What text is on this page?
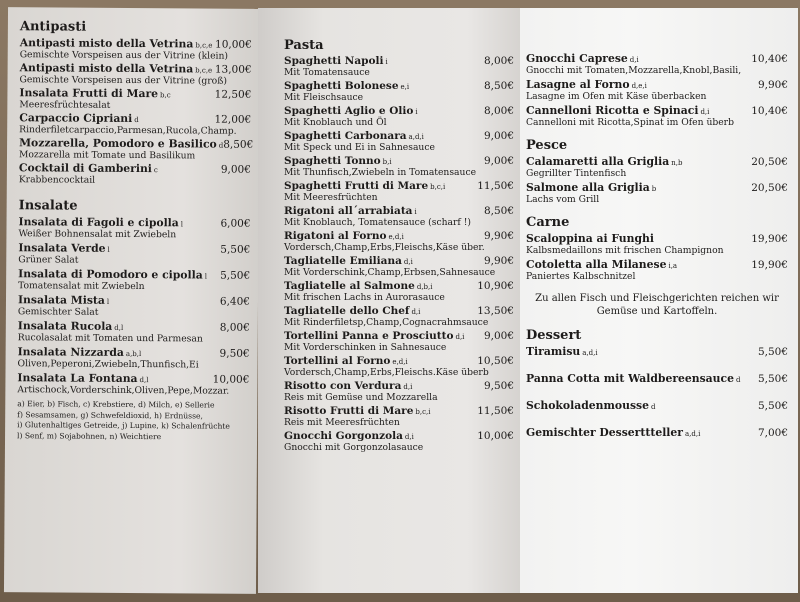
Antipasti
Antipasti misto della Vetrina b,c,e 10,00€
Gemischte Vorspeisen aus der Vitrine (klein)
Antipasti misto della Vetrina b,c,e 13,00€
Gemischte Vorspeisen aus der Vitrine (groß)
Insalata Frutti di Mare b,c	12,50€
Meeresfrüchtesalat
Carpaccio Cipriani d	12,00€
Rinderfiletcarpaccio,Parmesan,Rucola,Champ.
Mozzarella, Pomodoro e Basilico d 8,50€
Mozzarella mit Tomate und Basilikum
Cocktail di Gamberini c	9,00€
Krabbencocktail
Insalate
Insalata di Fagoli e cipolla l	6,00€
Weißer Bohnensalat mit Zwiebeln
Insalata Verde l	5,50€
Grüner Salat
Insalata di Pomodoro e cipolla l 5,50€
Tomatensalat mit Zwiebeln
Insalata Mista l	6,40€
Gemischter Salat
Insalata Rucola d,l	8,00€
Rucolasalat mit Tomaten und Parmesan
Insalata Nizzarda a,b,l	9,50€
Oliven,Peperoni,Zwiebeln,Thunfisch,Ei
Insalata La Fontana d,l	10,00€
Artischock,Vorderschink,Oliven,Pepe,Mozzar.
a) Eier, b) Fisch, c) Krebstiere, d) Milch, e) Sellerie
f) Sesamsamen, g) Schwefeldioxid, h) Erdnüsse,
i) Glutenhaltiges Getreide, j) Lupine, k) Schalenfrüchte
l) Senf, m) Sojabohnen, n) Weichtiere
Pasta
Spaghetti Napoli i	8,00€
Mit Tomatensauce
Spaghetti Bolonese e,i	8,50€
Mit Fleischsauce
Spaghetti Aglio e Olio i	8,00€
Mit Knoblauch und Öl
Spaghetti Carbonara a,d,i	9,00€
Mit Speck und Ei in Sahnesauce
Spaghetti Tonno b,i	9,00€
Mit Thunfisch,Zwiebeln in Tomatensauce
Spaghetti Frutti di Mare b,c,i	11,50€
Mit Meeresfrüchten
Rigatoni all´arrabiata i	8,50€
Mit Knoblauch, Tomatensauce (scharf !)
Rigatoni al Forno e,d,i	9,90€
Vordersch,Champ,Erbs,Fleischs,Käse über.
Tagliatelle Emiliana d,i	9,90€
Mit Vorderschink,Champ,Erbsen,Sahnesauce
Tagliatelle al Salmone d,b,i	10,90€
Mit frischen Lachs in Aurorasauce
Tagliatelle dello Chef d,i	13,50€
Mit Rinderfiletsp,Champ,Cognacrahmsauce
Tortellini Panna e Prosciutto d,i 9,00€
Mit Vorderschinken in Sahnesauce
Tortellini al Forno e,d,i	10,50€
Vordersch,Champ,Erbs,Fleischs.Käse überb
Risotto con Verdura d,i	9,50€
Reis mit Gemüse und Mozzarella
Risotto Frutti di Mare b,c,i	11,50€
Reis mit Meeresfrüchten
Gnocchi Gorgonzola d,i	10,00€
Gnocchi mit Gorgonzolasauce
Gnocchi Caprese d,i	10,40€
Gnocchi mit Tomaten,Mozzarella,Knobl,Basili,
Lasagne al Forno d,e,i	9,90€
Lasagne im Ofen mit Käse überbacken
Cannelloni Ricotta e Spinaci d,i	10,40€
Cannelloni mit Ricotta,Spinat im Ofen überb
Pesce
Calamaretti alla Griglia n,b	20,50€
Gegrillter Tintenfisch
Salmone alla Griglia b	20,50€
Lachs vom Grill
Carne
Scaloppina ai Funghi	19,90€
Kalbsmedaillons mit frischen Champignon
Cotoletta alla Milanese i,a	19,90€
Paniertes Kalbschnitzel
Zu allen Fisch und Fleischgerichten reichen wir
Gemüse und Kartoffeln.
Dessert
Tiramisu a,d,i	5,50€
Panna Cotta mit Waldbereensauce d 5,50€
Schokoladenmousse d	5,50€
Gemischter Desserttteller a,d,i	7,00€
